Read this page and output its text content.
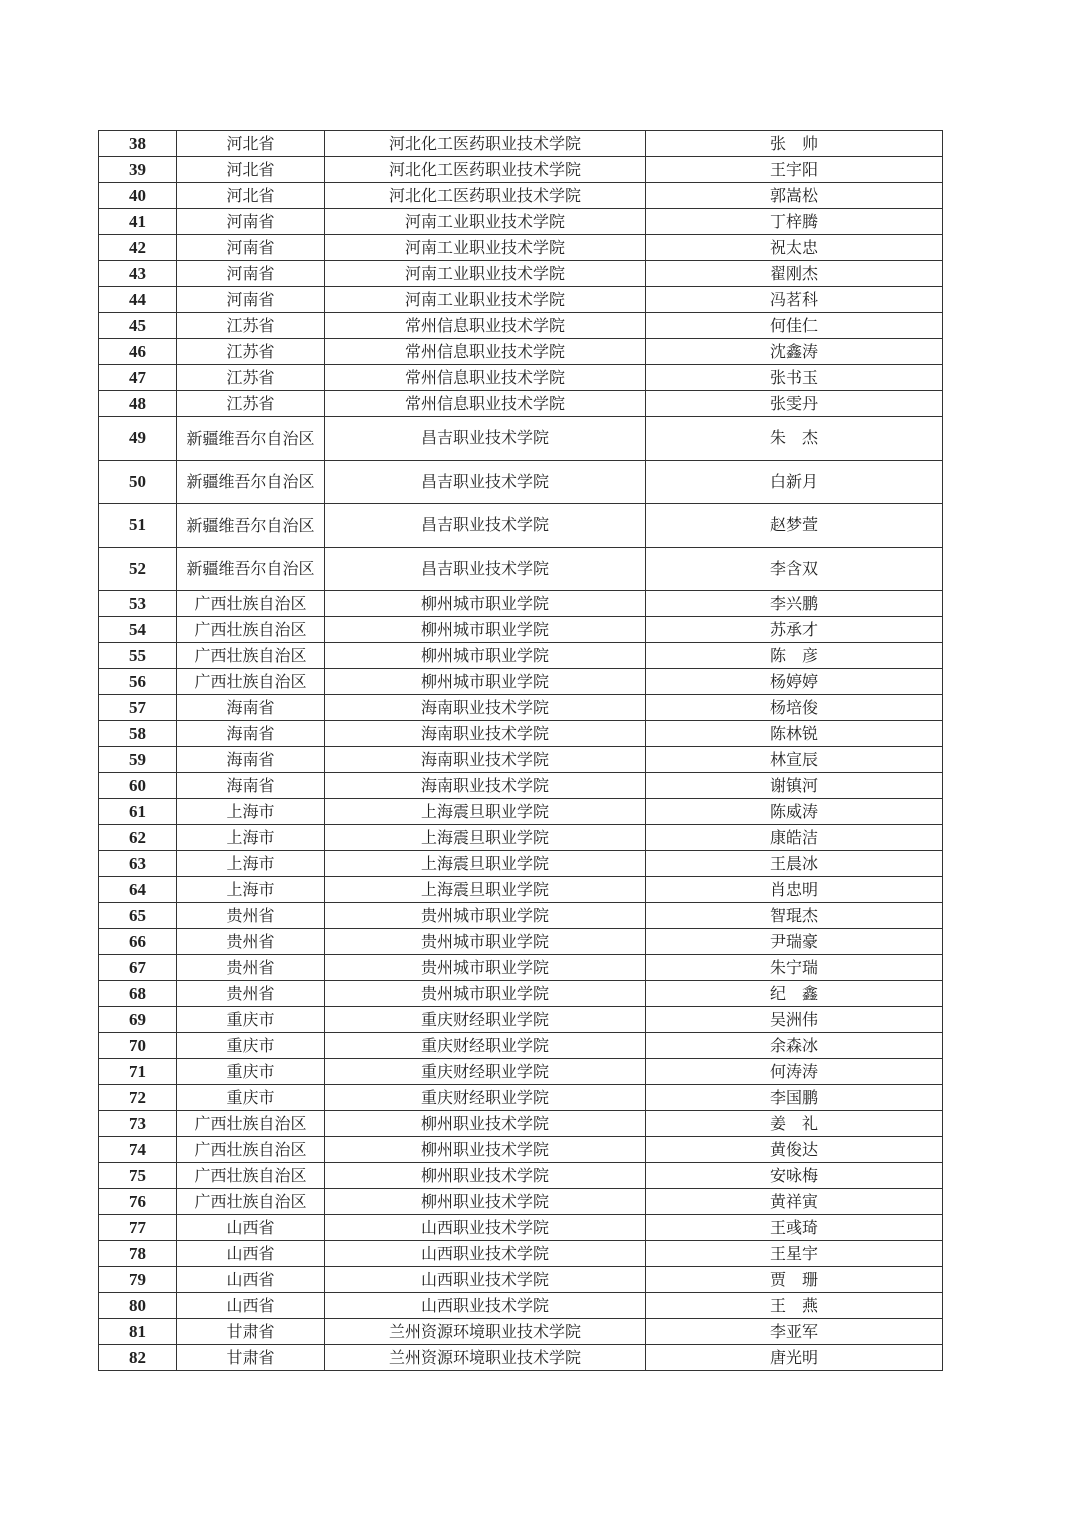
38	河北省	河北化工医药职业技术学院	张　帅
39	河北省	河北化工医药职业技术学院	王宇阳
40	河北省	河北化工医药职业技术学院	郭嵩松
41	河南省	河南工业职业技术学院	丁梓腾
42	河南省	河南工业职业技术学院	祝太忠
43	河南省	河南工业职业技术学院	翟刚杰
44	河南省	河南工业职业技术学院	冯茗科
45	江苏省	常州信息职业技术学院	何佳仁
46	江苏省	常州信息职业技术学院	沈鑫涛
47	江苏省	常州信息职业技术学院	张书玉
48	江苏省	常州信息职业技术学院	张雯丹
49	新疆维吾尔自治区	昌吉职业技术学院	朱　杰
50	新疆维吾尔自治区	昌吉职业技术学院	白新月
51	新疆维吾尔自治区	昌吉职业技术学院	赵梦萱
52	新疆维吾尔自治区	昌吉职业技术学院	李含双
53	广西壮族自治区	柳州城市职业学院	李兴鹏
54	广西壮族自治区	柳州城市职业学院	苏承才
55	广西壮族自治区	柳州城市职业学院	陈　彦
56	广西壮族自治区	柳州城市职业学院	杨婷婷
57	海南省	海南职业技术学院	杨培俊
58	海南省	海南职业技术学院	陈林锐
59	海南省	海南职业技术学院	林宣辰
60	海南省	海南职业技术学院	谢镇河
61	上海市	上海震旦职业学院	陈威涛
62	上海市	上海震旦职业学院	康皓洁
63	上海市	上海震旦职业学院	王晨冰
64	上海市	上海震旦职业学院	肖忠明
65	贵州省	贵州城市职业学院	智琨杰
66	贵州省	贵州城市职业学院	尹瑞豪
67	贵州省	贵州城市职业学院	朱宁瑞
68	贵州省	贵州城市职业学院	纪　鑫
69	重庆市	重庆财经职业学院	吴洲伟
70	重庆市	重庆财经职业学院	余森冰
71	重庆市	重庆财经职业学院	何涛涛
72	重庆市	重庆财经职业学院	李国鹏
73	广西壮族自治区	柳州职业技术学院	姜　礼
74	广西壮族自治区	柳州职业技术学院	黄俊达
75	广西壮族自治区	柳州职业技术学院	安咏梅
76	广西壮族自治区	柳州职业技术学院	黄祥寅
77	山西省	山西职业技术学院	王彧琦
78	山西省	山西职业技术学院	王星宇
79	山西省	山西职业技术学院	贾　珊
80	山西省	山西职业技术学院	王　燕
81	甘肃省	兰州资源环境职业技术学院	李亚军
82	甘肃省	兰州资源环境职业技术学院	唐光明
